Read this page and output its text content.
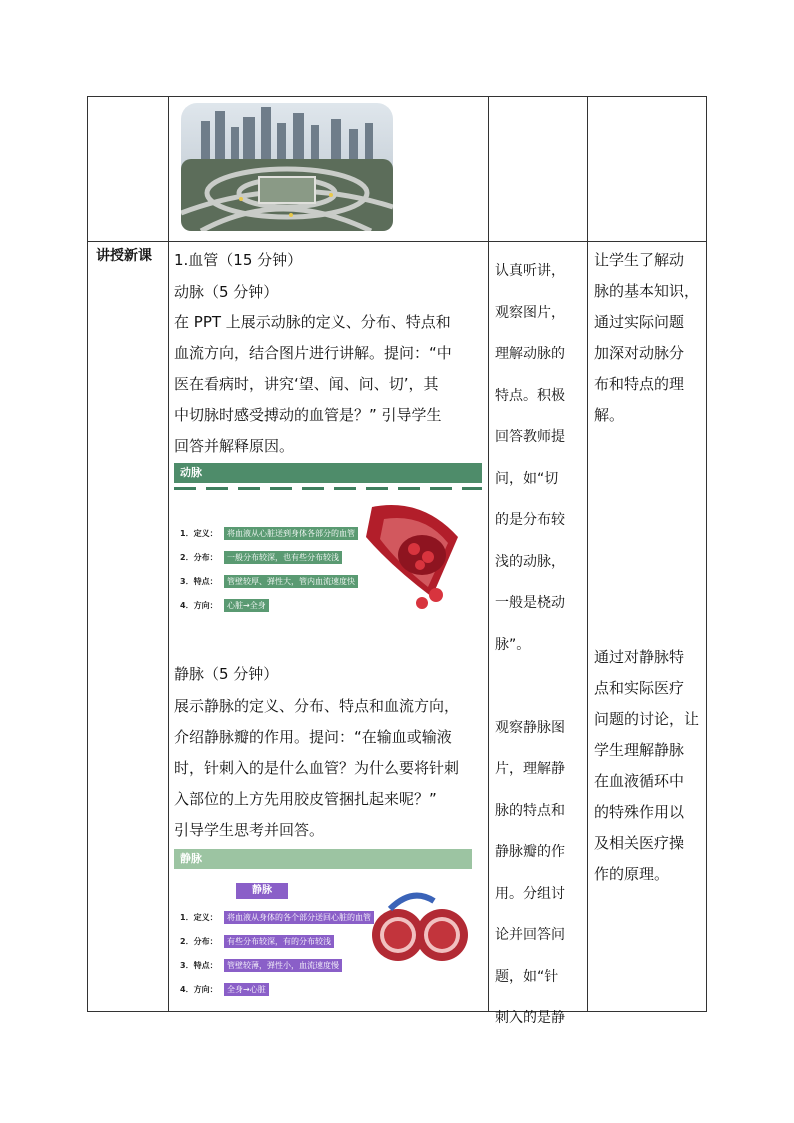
讲授新课 1.血管（15 分钟）
动脉（5 分钟）
在 PPT 上展示动脉的定义、分布、特点和
血流方向，结合图片进行讲解。提问：“中
医在看病时，讲究‘望、闻、问、切’，其
中切脉时感受搏动的血管是？” 引导学生
回答并解释原因。
动脉
1．定义： 将血液从心脏送到身体各部分的血管
2．分布： 一般分布较深，也有些分布较浅
3．特点： 管壁较厚、弹性大，管内血流速度快
4．方向： 心脏→全身
静脉（5 分钟）
展示静脉的定义、分布、特点和血流方向，
介绍静脉瓣的作用。提问：“在输血或输液
时，针刺入的是什么血管？为什么要将针刺
入部位的上方先用胶皮管捆扎起来呢？”
引导学生思考并回答。
静脉
静脉
1．定义： 将血液从身体的各个部分送回心脏的血管
2．分布： 有些分布较深，有的分布较浅
3．特点： 管壁较薄，弹性小，血流速度慢
4．方向： 全身→心脏
认真听讲，
观察图片，
理解动脉的
特点。积极
回答教师提
问，如“切
的是分布较
浅的动脉，
一般是桡动
脉”。
观察静脉图
片，理解静
脉的特点和
静脉瓣的作
用。分组讨
论并回答问
题，如“针
刺入的是静
让学生了解动
脉的基本知识，
通过实际问题
加深对动脉分
布和特点的理
解。
通过对静脉特
点和实际医疗
问题的讨论，让
学生理解静脉
在血液循环中
的特殊作用以
及相关医疗操
作的原理。
